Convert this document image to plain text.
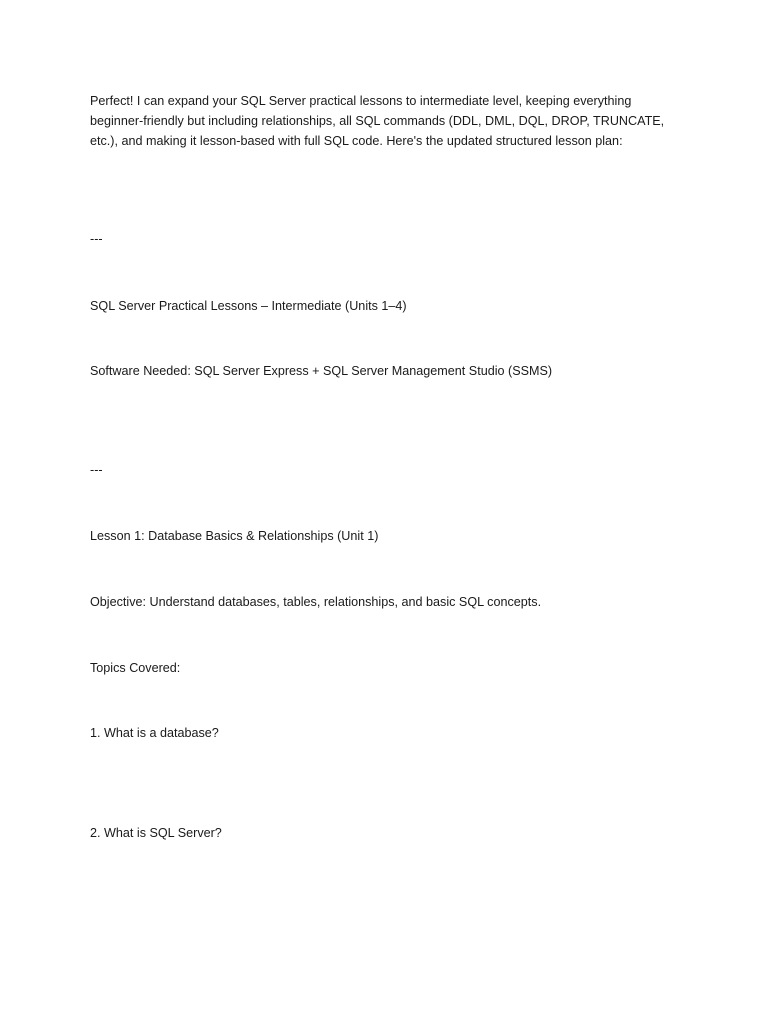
Perfect! I can expand your SQL Server practical lessons to intermediate level, keeping everything beginner-friendly but including relationships, all SQL commands (DDL, DML, DQL, DROP, TRUNCATE, etc.), and making it lesson-based with full SQL code. Here's the updated structured lesson plan:

---

SQL Server Practical Lessons – Intermediate (Units 1–4)

Software Needed: SQL Server Express + SQL Server Management Studio (SSMS)

---

Lesson 1: Database Basics & Relationships (Unit 1)

Objective: Understand databases, tables, relationships, and basic SQL concepts.

Topics Covered:

1. What is a database?

2. What is SQL Server?
